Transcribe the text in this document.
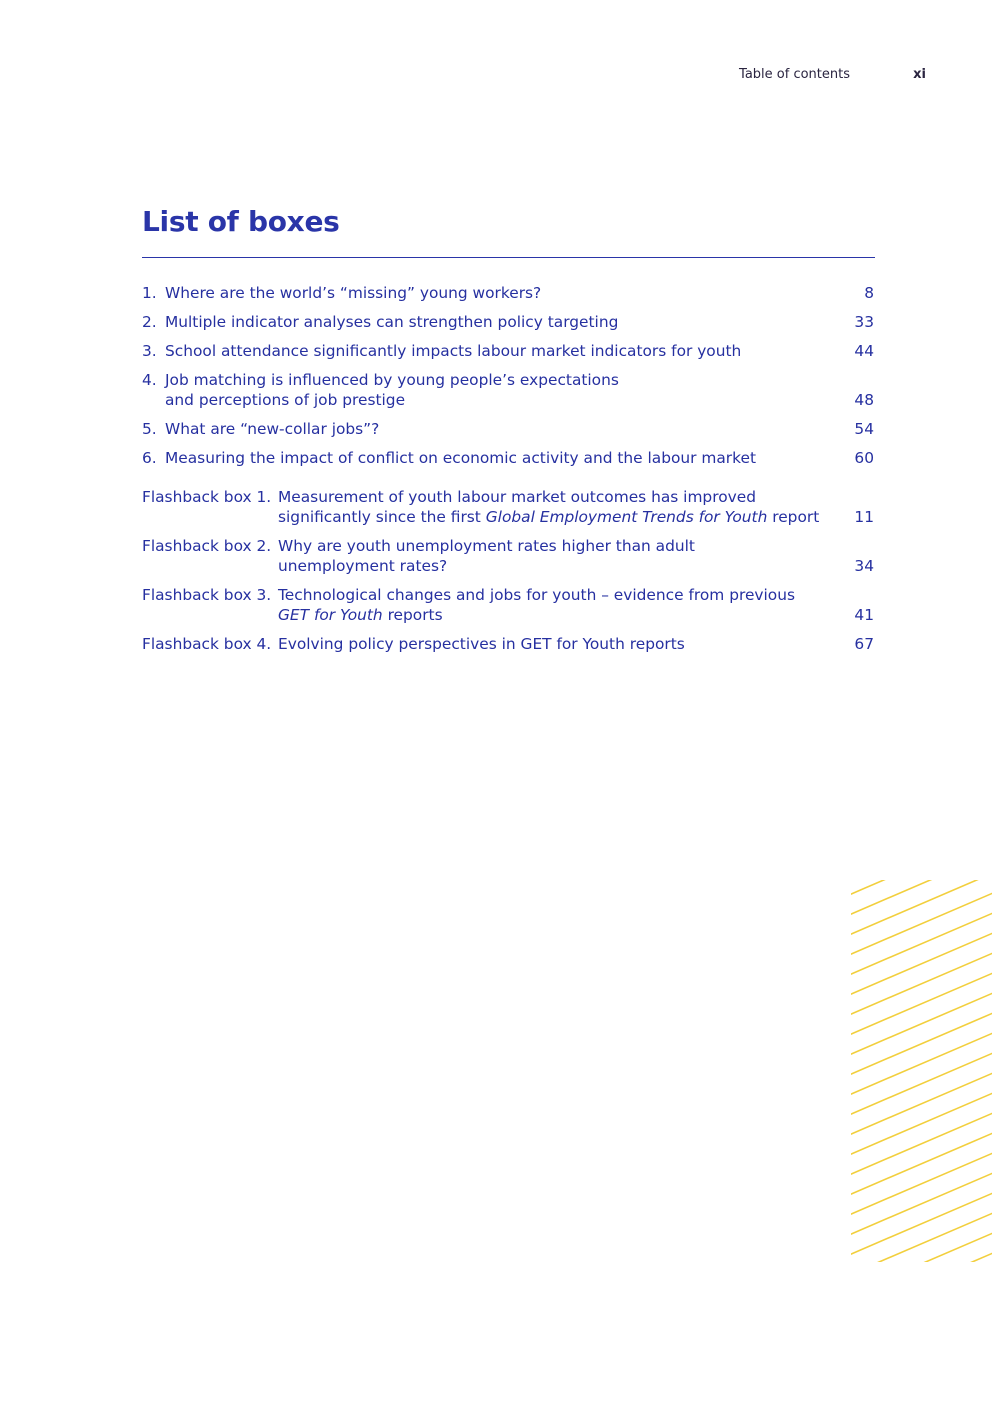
Table of contents	xi
List of boxes
1. Where are the world’s “missing” young workers?	8
2. Multiple indicator analyses can strengthen policy targeting	33
3. School attendance significantly impacts labour market indicators for youth	44
4. Job matching is influenced by young people’s expectations
and perceptions of job prestige	48
5. What are “new-collar jobs”?	54
6. Measuring the impact of conflict on economic activity and the labour market	60
Flashback box 1. Measurement of youth labour market outcomes has improved
significantly since the first Global Employment Trends for Youth report	11
Flashback box 2. Why are youth unemployment rates higher than adult
unemployment rates?	34
Flashback box 3. Technological changes and jobs for youth – evidence from previous
GET for Youth reports	41
Flashback box 4. Evolving policy perspectives in GET for Youth reports	67
